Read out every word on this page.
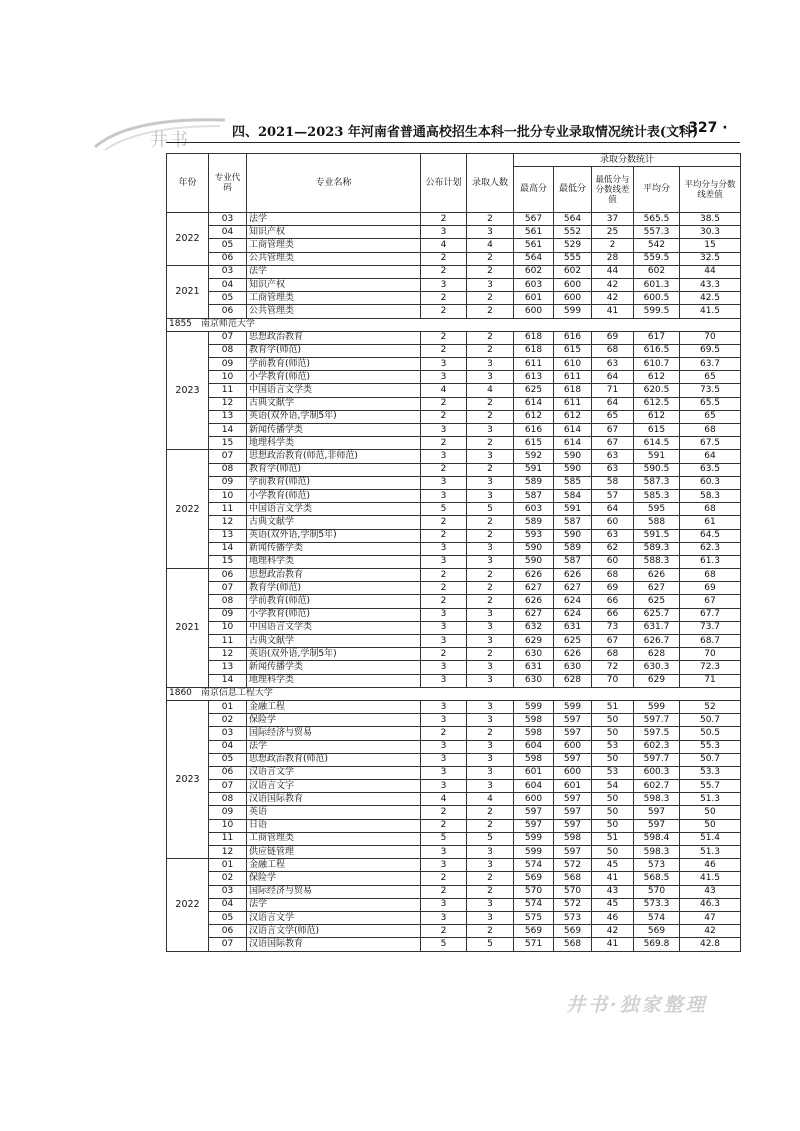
井书	四、2021—2023 年河南省普通高校招生本科一批分专业录取情况统计表(文科)
· 327 ·
年份	专业代码	专业名称	公布计划	录取人数	录取分数统计				
					最高分	最低分	最低分与分数线差值	平均分	平均分与分数线差值
2022	03	法学	2	2	567	564	37	565.5	38.5
	04	知识产权	3	3	561	552	25	557.3	30.3
	05	工商管理类	4	4	561	529	2	542	15
	06	公共管理类	2	2	564	555	28	559.5	32.5
2021	03	法学	2	2	602	602	44	602	44
	04	知识产权	3	3	603	600	42	601.3	43.3
	05	工商管理类	2	2	601	600	42	600.5	42.5
	06	公共管理类	2	2	600	599	41	599.5	41.5
1855　南京师范大学									
2023	07	思想政治教育	2	2	618	616	69	617	70
	08	教育学(师范)	2	2	618	615	68	616.5	69.5
	09	学前教育(师范)	3	3	611	610	63	610.7	63.7
	10	小学教育(师范)	3	3	613	611	64	612	65
	11	中国语言文学类	4	4	625	618	71	620.5	73.5
	12	古典文献学	2	2	614	611	64	612.5	65.5
	13	英语(双外语,学制5年)	2	2	612	612	65	612	65
	14	新闻传播学类	3	3	616	614	67	615	68
	15	地理科学类	2	2	615	614	67	614.5	67.5
2022	07	思想政治教育(师范,非师范)	3	3	592	590	63	591	64
	08	教育学(师范)	2	2	591	590	63	590.5	63.5
	09	学前教育(师范)	3	3	589	585	58	587.3	60.3
	10	小学教育(师范)	3	3	587	584	57	585.3	58.3
	11	中国语言文学类	5	5	603	591	64	595	68
	12	古典文献学	2	2	589	587	60	588	61
	13	英语(双外语,学制5年)	2	2	593	590	63	591.5	64.5
	14	新闻传播学类	3	3	590	589	62	589.3	62.3
	15	地理科学类	3	3	590	587	60	588.3	61.3
2021	06	思想政治教育	2	2	626	626	68	626	68
	07	教育学(师范)	2	2	627	627	69	627	69
	08	学前教育(师范)	2	2	626	624	66	625	67
	09	小学教育(师范)	3	3	627	624	66	625.7	67.7
	10	中国语言文学类	3	3	632	631	73	631.7	73.7
	11	古典文献学	3	3	629	625	67	626.7	68.7
	12	英语(双外语,学制5年)	2	2	630	626	68	628	70
	13	新闻传播学类	3	3	631	630	72	630.3	72.3
	14	地理科学类	3	3	630	628	70	629	71
1860　南京信息工程大学									
2023	01	金融工程	3	3	599	599	51	599	52
	02	保险学	3	3	598	597	50	597.7	50.7
	03	国际经济与贸易	2	2	598	597	50	597.5	50.5
	04	法学	3	3	604	600	53	602.3	55.3
	05	思想政治教育(师范)	3	3	598	597	50	597.7	50.7
	06	汉语言文学	3	3	601	600	53	600.3	53.3
	07	汉语言文字	3	3	604	601	54	602.7	55.7
	08	汉语国际教育	4	4	600	597	50	598.3	51.3
	09	英语	2	2	597	597	50	597	50
	10	日语	2	2	597	597	50	597	50
	11	工商管理类	5	5	599	598	51	598.4	51.4
	12	供应链管理	3	3	599	597	50	598.3	51.3
2022	01	金融工程	3	3	574	572	45	573	46
	02	保险学	2	2	569	568	41	568.5	41.5
	03	国际经济与贸易	2	2	570	570	43	570	43
	04	法学	3	3	574	572	45	573.3	46.3
	05	汉语言文学	3	3	575	573	46	574	47
	06	汉语言文学(师范)	2	2	569	569	42	569	42
	07	汉语国际教育	5	5	571	568	41	569.8	42.8
井书·独家整理
